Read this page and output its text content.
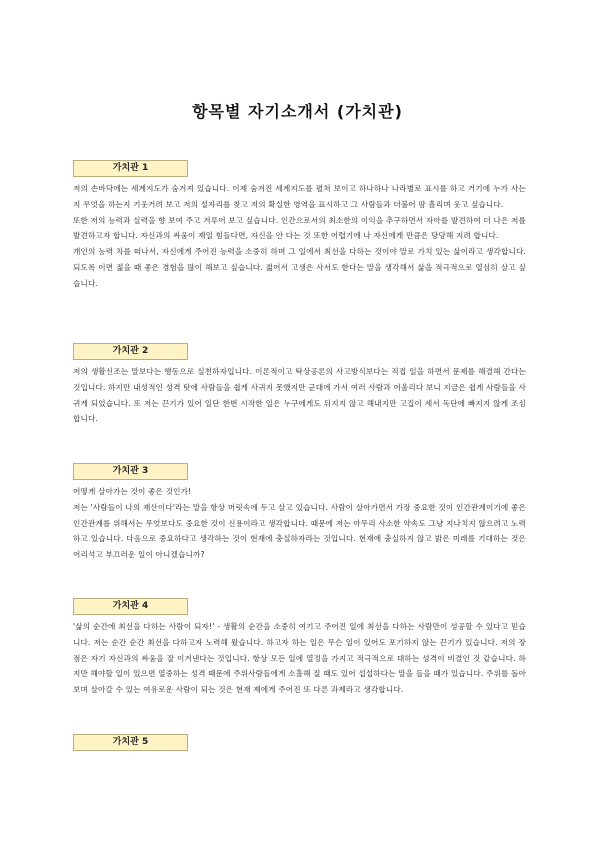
항목별 자기소개서 (가치관)
가치관 1

저의 손바닥에는 세계지도가 숨겨져 있습니다. 이제 숨겨진 세계지도를 펼쳐 보이고 하나하나 나라별로 표시를 하고 거기에 누가 사는지 무엇을 하는지 기웃거려 보고 저의 설자리를 찾고 저의 확실한 영역을 표시하고 그 사람들과 더불어 땀 흘리며 웃고 싶습니다.

또한 저의 능력과 실력을 향 보여 주고 겨루어 보고 싶습니다. 인간으로서의 최소한의 이익을 추구하면서 자아를 발견하여 더 나은 저를 발견하고자 합니다. 자신과의 싸움이 제일 힘들다면, 자신을 안 다는 것 또한 어렵기에 나 자신에게 만큼은 당당해 지려 합니다.

개인의 능력 차를 떠나서, 자신에게 주어진 능력을 소중히 하며 그 일에서 최선을 다하는 것이야 말로 가치 있는 삶이라고 생각합니다. 되도록 이면 젊을 때 좋은 경험을 많이 해보고 싶습니다. 젊어서 고생은 사서도 한다는 말을 생각해서 삶을 적극적으로 열심히 살고 싶습니다.

가치관 2

저의 생활신조는 말보다는 행동으로 실천하자입니다. 이론적이고 탁상공론의 사고방식보다는 직접 일을 하면서 문제를 해결해 간다는 것입니다. 하지만 내성적인 성격 탓에 사람들을 쉽게 사귀지 못했지만 군대에 가서 여러 사람과 어울리다 보니 지금은 쉽게 사람들을 사귀게 되었습니다. 또 저는 끈기가 있어 일단 한번 시작한 일은 누구에게도 뒤지지 않고 해내지만 고집이 세서 독단에 빠지지 않게 조심합니다.

가치관 3

어떻게 살아가는 것이 좋은 것인가!

저는 '사람들이 나의 재산이다'라는 말을 항상 머릿속에 두고 살고 있습니다. 사람이 살아가면서 가장 중요한 것이 인간관계이기에 좋은 인간관계를 위해서는 무엇보다도 중요한 것이 신용이라고 생각합니다. 때문에 저는 아무리 사소한 약속도 그냥 지나치지 않으려고 노력하고 있습니다. 다음으로 중요하다고 생각하는 것이 현재에 충실하자라는 것입니다. 현재에 충실하지 않고 밝은 미래를 기대하는 것은 어리석고 부끄러운 일이 아니겠습니까?

가치관 4

'삶의 순간에 최선을 다하는 사람이 되자!' - 생활의 순간을 소중히 여기고 주어진 일에 최선을 다하는 사람만이 성공할 수 있다고 믿습니다. 저는 순간 순간 최선을 다하고자 노력해 왔습니다. 하고자 하는 일은 무슨 일이 있어도 포기하지 않는 끈기가 있습니다. 저의 장점은 자기 자신과의 싸움을 잘 이겨낸다는 것입니다. 항상 모든 일에 열정을 가지고 적극적으로 대하는 성격이 비결인 것 같습니다. 하지만 해야할 일이 있으면 열중하는 성격 때문에 주위사람들에게 소홀해 질 때도 있어 섭섭하다는 말을 들을 때가 있습니다. 주위를 돌아보며 살아갈 수 있는 여유로운 사람이 되는 것은 현재 제에게 주어진 또 다른 과제라고 생각합니다.

가치관 5
